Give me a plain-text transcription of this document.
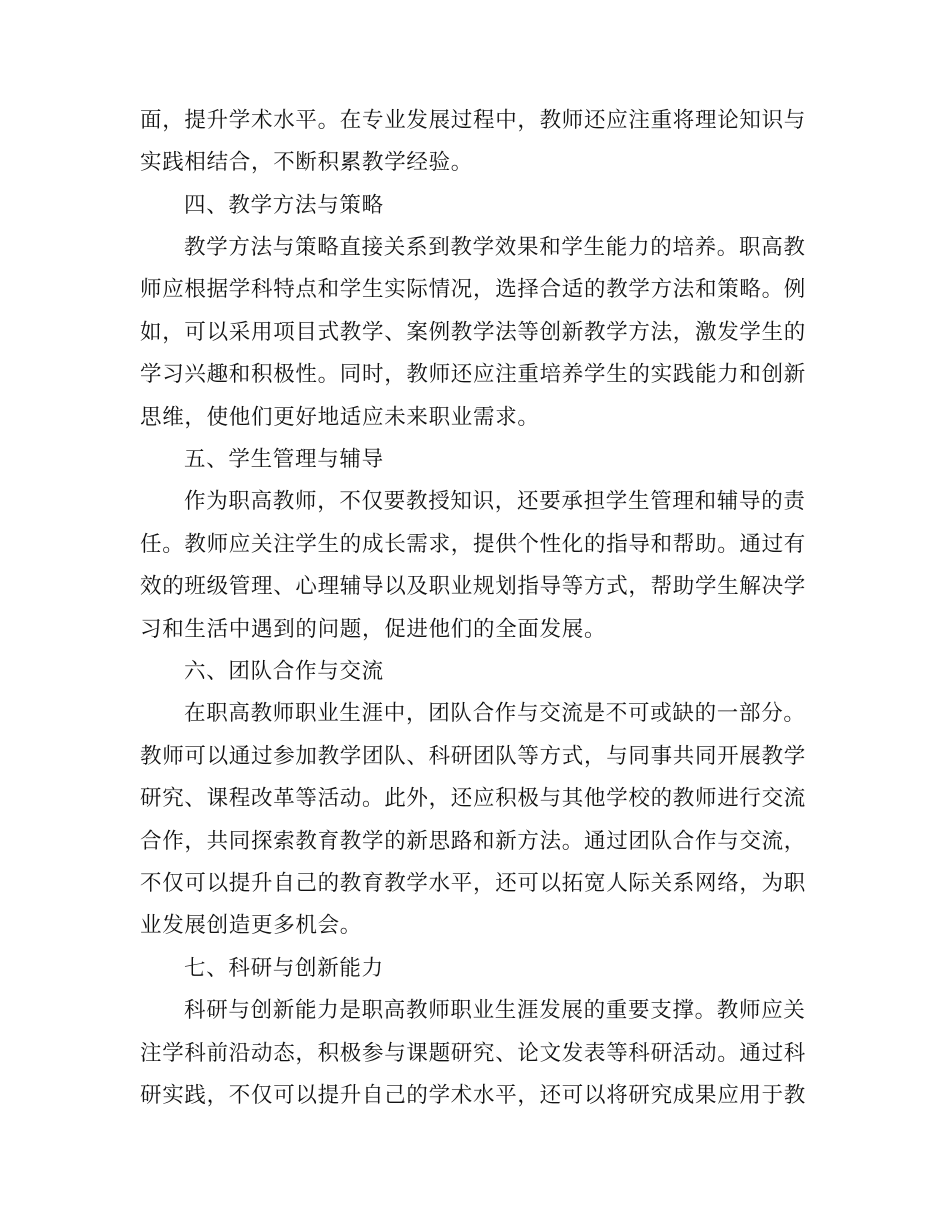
面，提升学术水平。在专业发展过程中，教师还应注重将理论知识与
实践相结合，不断积累教学经验。
四、教学方法与策略
教学方法与策略直接关系到教学效果和学生能力的培养。职高教
师应根据学科特点和学生实际情况，选择合适的教学方法和策略。例
如，可以采用项目式教学、案例教学法等创新教学方法，激发学生的
学习兴趣和积极性。同时，教师还应注重培养学生的实践能力和创新
思维，使他们更好地适应未来职业需求。
五、学生管理与辅导
作为职高教师，不仅要教授知识，还要承担学生管理和辅导的责
任。教师应关注学生的成长需求，提供个性化的指导和帮助。通过有
效的班级管理、心理辅导以及职业规划指导等方式，帮助学生解决学
习和生活中遇到的问题，促进他们的全面发展。
六、团队合作与交流
在职高教师职业生涯中，团队合作与交流是不可或缺的一部分。
教师可以通过参加教学团队、科研团队等方式，与同事共同开展教学
研究、课程改革等活动。此外，还应积极与其他学校的教师进行交流
合作，共同探索教育教学的新思路和新方法。通过团队合作与交流，
不仅可以提升自己的教育教学水平，还可以拓宽人际关系网络，为职
业发展创造更多机会。
七、科研与创新能力
科研与创新能力是职高教师职业生涯发展的重要支撑。教师应关
注学科前沿动态，积极参与课题研究、论文发表等科研活动。通过科
研实践，不仅可以提升自己的学术水平，还可以将研究成果应用于教
